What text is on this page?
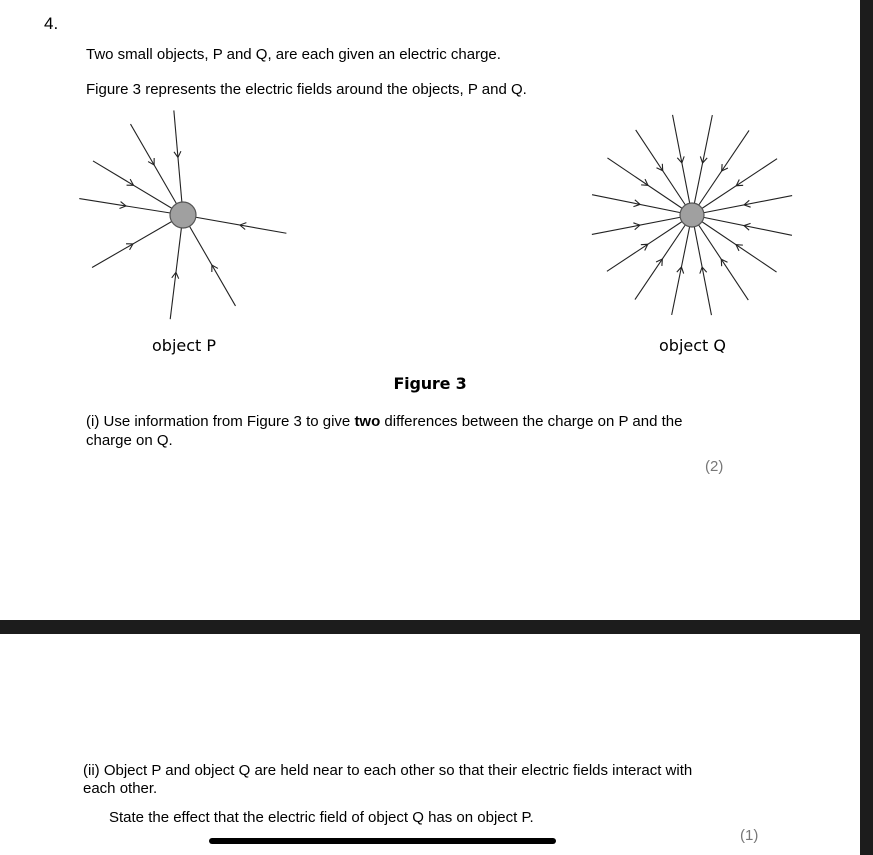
4.
Two small objects, P and Q, are each given an electric charge.
Figure 3 represents the electric fields around the objects, P and Q.
object P	object Q
Figure 3
(i) Use information from Figure 3 to give two differences between the charge on P and the
charge on Q.
(2)
(ii) Object P and object Q are held near to each other so that their electric fields interact with
each other.
State the effect that the electric field of object Q has on object P.
(1)
